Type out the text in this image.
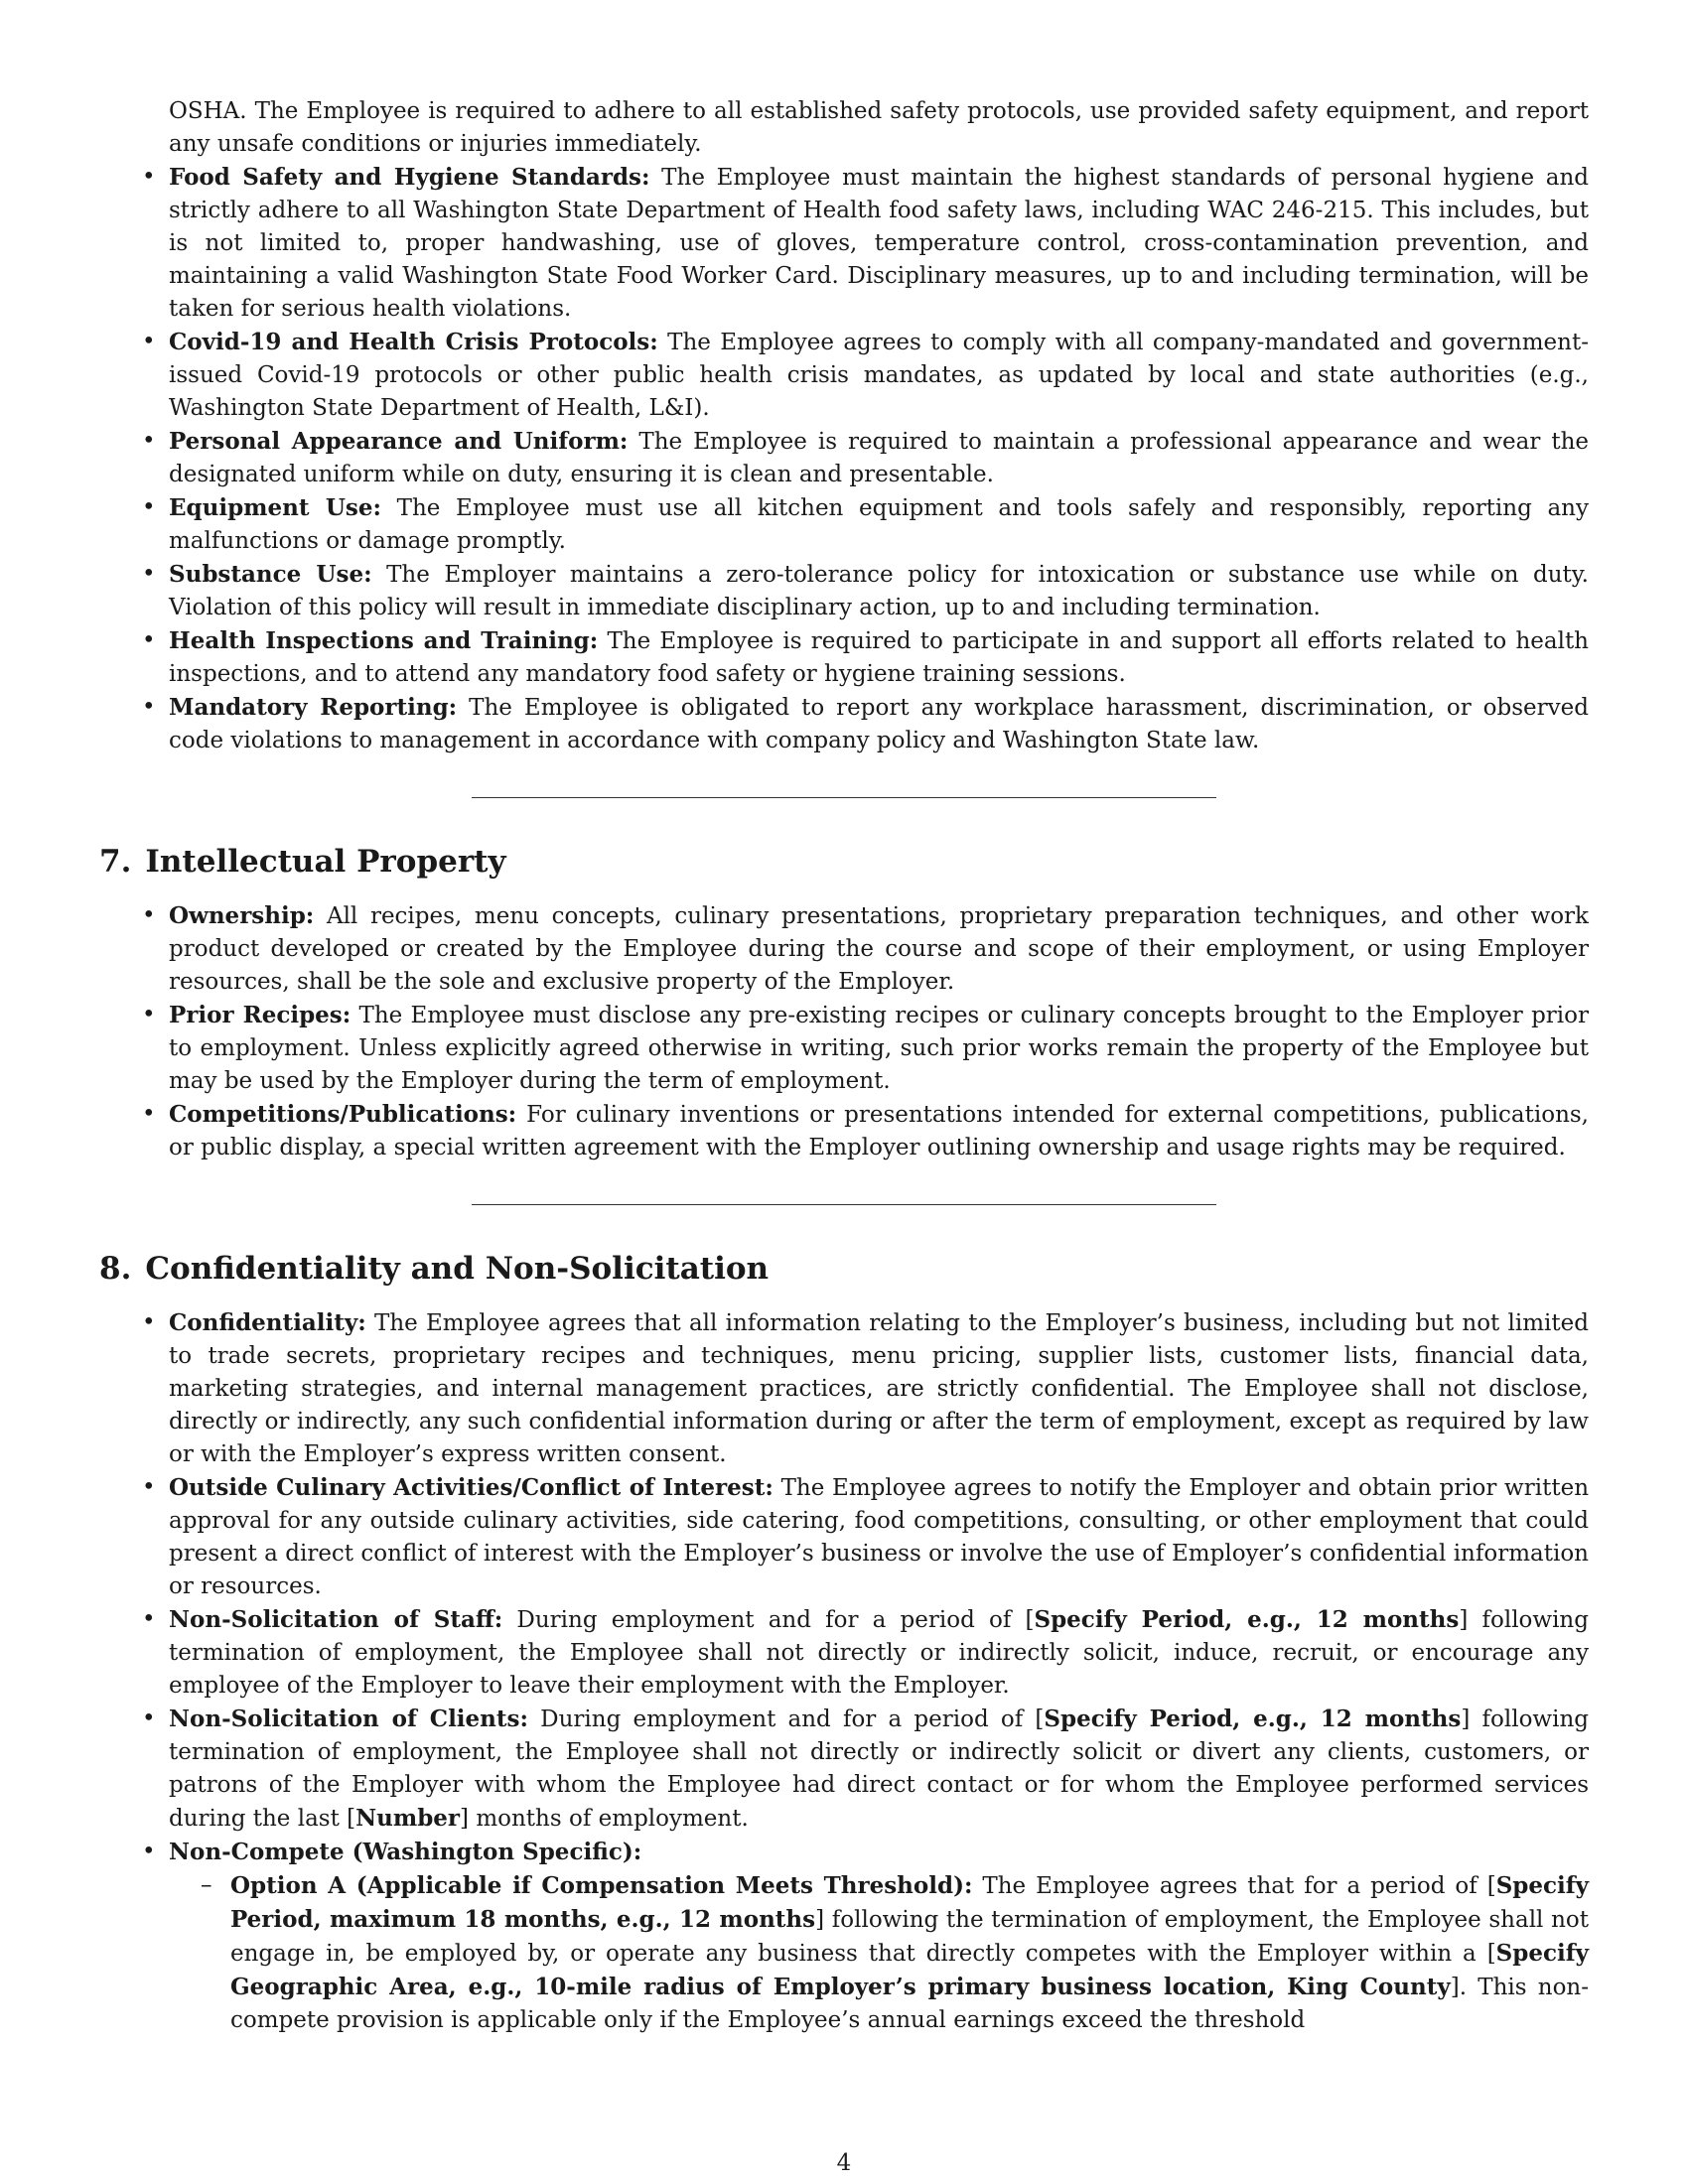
OSHA. The Employee is required to adhere to all established safety protocols, use provided safety equipment, and report any unsafe conditions or injuries immediately.
• Food Safety and Hygiene Standards: The Employee must maintain the highest standards of personal hygiene and strictly adhere to all Washington State Department of Health food safety laws, including WAC 246-215. This includes, but is not limited to, proper handwashing, use of gloves, temperature control, cross-contamination prevention, and maintaining a valid Washington State Food Worker Card. Disciplinary measures, up to and including termination, will be taken for serious health violations.
• Covid-19 and Health Crisis Protocols: The Employee agrees to comply with all company-mandated and government-issued Covid-19 protocols or other public health crisis mandates, as updated by local and state authorities (e.g., Washington State Department of Health, L&I).
• Personal Appearance and Uniform: The Employee is required to maintain a professional appearance and wear the designated uniform while on duty, ensuring it is clean and presentable.
• Equipment Use: The Employee must use all kitchen equipment and tools safely and responsibly, reporting any malfunctions or damage promptly.
• Substance Use: The Employer maintains a zero-tolerance policy for intoxication or substance use while on duty. Violation of this policy will result in immediate disciplinary action, up to and including termination.
• Health Inspections and Training: The Employee is required to participate in and support all efforts related to health inspections, and to attend any mandatory food safety or hygiene training sessions.
• Mandatory Reporting: The Employee is obligated to report any workplace harassment, discrimination, or observed code violations to management in accordance with company policy and Washington State law.
7. Intellectual Property
• Ownership: All recipes, menu concepts, culinary presentations, proprietary preparation techniques, and other work product developed or created by the Employee during the course and scope of their employment, or using Employer resources, shall be the sole and exclusive property of the Employer.
• Prior Recipes: The Employee must disclose any pre-existing recipes or culinary concepts brought to the Employer prior to employment. Unless explicitly agreed otherwise in writing, such prior works remain the property of the Employee but may be used by the Employer during the term of employment.
• Competitions/Publications: For culinary inventions or presentations intended for external competitions, publications, or public display, a special written agreement with the Employer outlining ownership and usage rights may be required.
8. Confidentiality and Non-Solicitation
• Confidentiality: The Employee agrees that all information relating to the Employer’s business, including but not limited to trade secrets, proprietary recipes and techniques, menu pricing, supplier lists, customer lists, financial data, marketing strategies, and internal management practices, are strictly confidential. The Employee shall not disclose, directly or indirectly, any such confidential information during or after the term of employment, except as required by law or with the Employer’s express written consent.
• Outside Culinary Activities/Conflict of Interest: The Employee agrees to notify the Employer and obtain prior written approval for any outside culinary activities, side catering, food competitions, consulting, or other employment that could present a direct conflict of interest with the Employer’s business or involve the use of Employer’s confidential information or resources.
• Non-Solicitation of Staff: During employment and for a period of [Specify Period, e.g., 12 months] following termination of employment, the Employee shall not directly or indirectly solicit, induce, recruit, or encourage any employee of the Employer to leave their employment with the Employer.
• Non-Solicitation of Clients: During employment and for a period of [Specify Period, e.g., 12 months] following termination of employment, the Employee shall not directly or indirectly solicit or divert any clients, customers, or patrons of the Employer with whom the Employee had direct contact or for whom the Employee performed services during the last [Number] months of employment.
• Non-Compete (Washington Specific):
– Option A (Applicable if Compensation Meets Threshold): The Employee agrees that for a period of [Specify Period, maximum 18 months, e.g., 12 months] following the termination of employment, the Employee shall not engage in, be employed by, or operate any business that directly competes with the Employer within a [Specify Geographic Area, e.g., 10-mile radius of Employer’s primary business location, King County]. This non-compete provision is applicable only if the Employee’s annual earnings exceed the threshold
4
